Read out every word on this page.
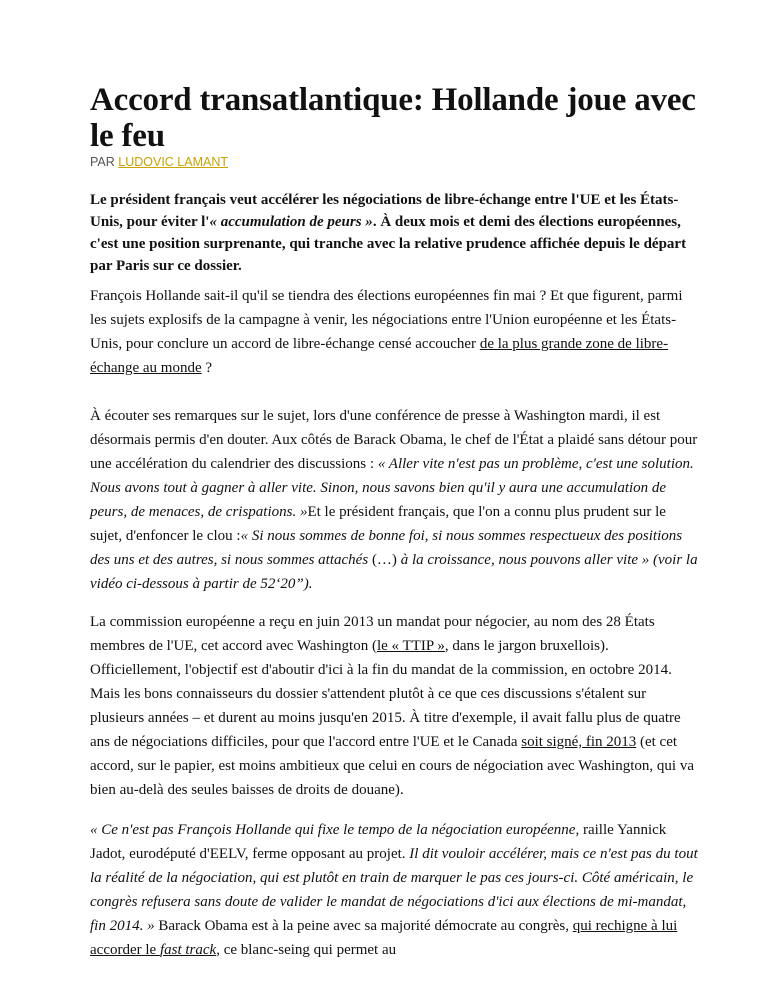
Accord transatlantique: Hollande joue avec le feu
PAR LUDOVIC LAMANT

Le président français veut accélérer les négociations de libre-échange entre l'UE et les États-Unis, pour éviter l'« accumulation de peurs ». À deux mois et demi des élections européennes, c'est une position surprenante, qui tranche avec la relative prudence affichée depuis le départ par Paris sur ce dossier.

François Hollande sait-il qu'il se tiendra des élections européennes fin mai ? Et que figurent, parmi les sujets explosifs de la campagne à venir, les négociations entre l'Union européenne et les États-Unis, pour conclure un accord de libre-échange censé accoucher de la plus grande zone de libre-échange au monde ?

À écouter ses remarques sur le sujet, lors d'une conférence de presse à Washington mardi, il est désormais permis d'en douter. Aux côtés de Barack Obama, le chef de l'État a plaidé sans détour pour une accélération du calendrier des discussions : « Aller vite n'est pas un problème, c'est une solution. Nous avons tout à gagner à aller vite. Sinon, nous savons bien qu'il y aura une accumulation de peurs, de menaces, de crispations. »Et le président français, que l'on a connu plus prudent sur le sujet, d'enfoncer le clou :« Si nous sommes de bonne foi, si nous sommes respectueux des positions des uns et des autres, si nous sommes attachés (…) à la croissance, nous pouvons aller vite » (voir la vidéo ci-dessous à partir de 52‘20”).

La commission européenne a reçu en juin 2013 un mandat pour négocier, au nom des 28 États membres de l'UE, cet accord avec Washington (le « TTIP », dans le jargon bruxellois). Officiellement, l'objectif est d'aboutir d'ici à la fin du mandat de la commission, en octobre 2014. Mais les bons connaisseurs du dossier s'attendent plutôt à ce que ces discussions s'étalent sur plusieurs années – et durent au moins jusqu'en 2015. À titre d'exemple, il avait fallu plus de quatre ans de négociations difficiles, pour que l'accord entre l'UE et le Canada soit signé, fin 2013 (et cet accord, sur le papier, est moins ambitieux que celui en cours de négociation avec Washington, qui va bien au-delà des seules baisses de droits de douane).

« Ce n'est pas François Hollande qui fixe le tempo de la négociation européenne, raille Yannick Jadot, eurodéputé d'EELV, ferme opposant au projet. Il dit vouloir accélérer, mais ce n'est pas du tout la réalité de la négociation, qui est plutôt en train de marquer le pas ces jours-ci. Côté américain, le congrès refusera sans doute de valider le mandat de négociations d'ici aux élections de mi-mandat, fin 2014. » Barack Obama est à la peine avec sa majorité démocrate au congrès, qui rechigne à lui accorder le fast track, ce blanc-seing qui permet au
